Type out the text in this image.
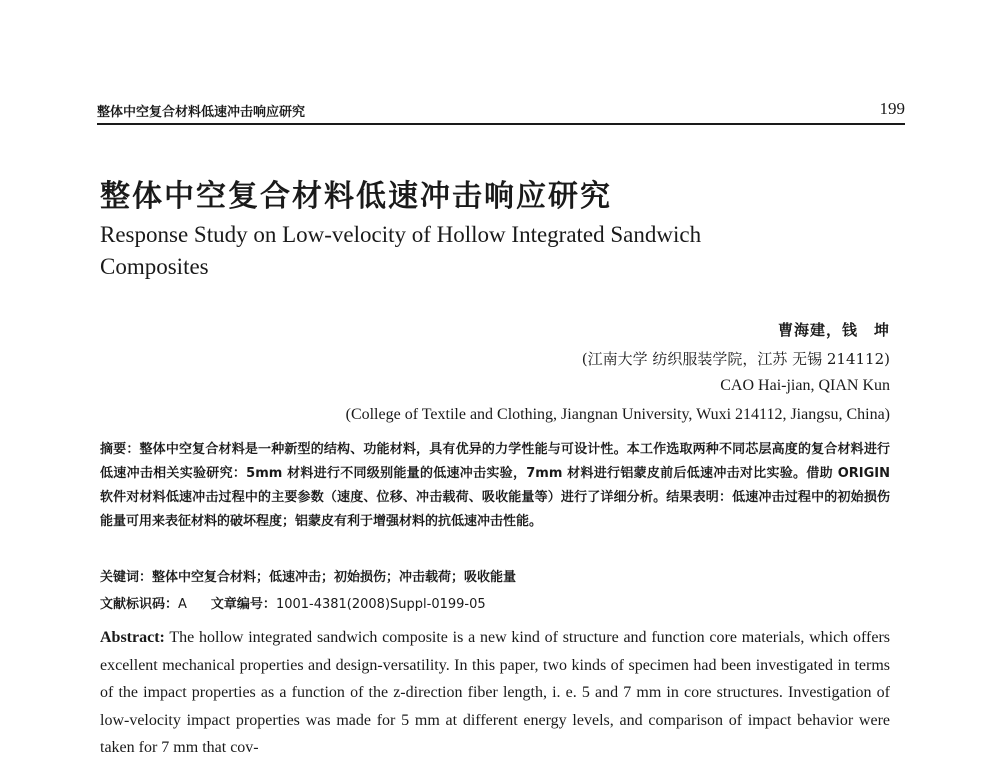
整体中空复合材料低速冲击响应研究	199
整体中空复合材料低速冲击响应研究
Response Study on Low-velocity of Hollow Integrated Sandwich Composites
曹海建，钱　坤
(江南大学 纺织服装学院，江苏 无锡 214112)
CAO Hai-jian, QIAN Kun
(College of Textile and Clothing, Jiangnan University, Wuxi 214112, Jiangsu, China)
摘要：整体中空复合材料是一种新型的结构、功能材料，具有优异的力学性能与可设计性。本工作选取两种不同芯层高度的复合材料进行低速冲击相关实验研究：5mm 材料进行不同级别能量的低速冲击实验，7mm 材料进行铝蒙皮前后低速冲击对比实验。借助 ORIGIN 软件对材料低速冲击过程中的主要参数（速度、位移、冲击载荷、吸收能量等）进行了详细分析。结果表明：低速冲击过程中的初始损伤能量可用来表征材料的破坏程度；铝蒙皮有利于增强材料的抗低速冲击性能。
关键词：整体中空复合材料；低速冲击；初始损伤；冲击载荷；吸收能量
文献标识码：A 文章编号：1001-4381(2008)Suppl-0199-05
Abstract: The hollow integrated sandwich composite is a new kind of structure and function core materials, which offers excellent mechanical properties and design-versatility. In this paper, two kinds of specimen had been investigated in terms of the impact properties as a function of the z-direction fiber length, i. e. 5 and 7 mm in core structures. Investigation of low-velocity impact properties was made for 5 mm at different energy levels, and comparison of impact behavior were taken for 7 mm that cov-
